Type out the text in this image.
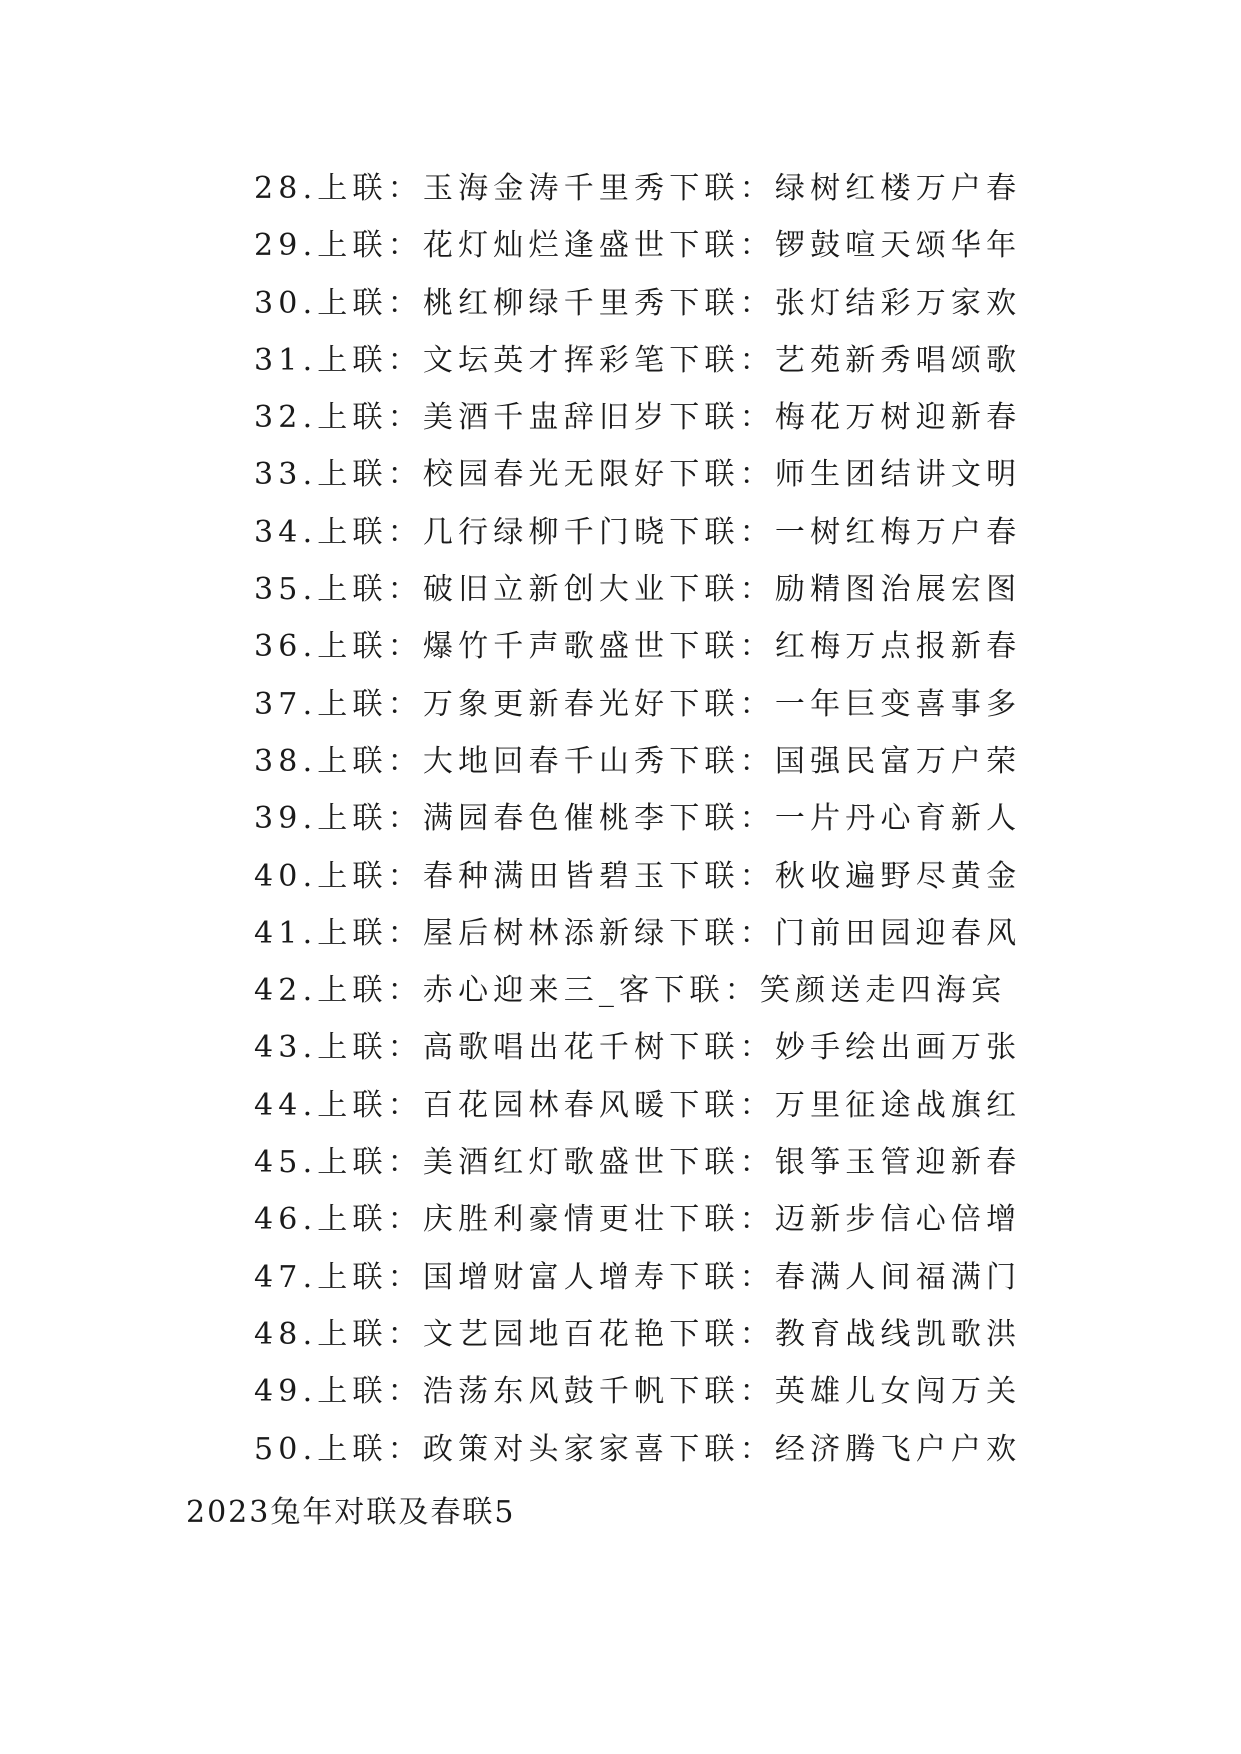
28.上联：玉海金涛千里秀下联：绿树红楼万户春
29.上联：花灯灿烂逢盛世下联：锣鼓喧天颂华年
30.上联：桃红柳绿千里秀下联：张灯结彩万家欢
31.上联：文坛英才挥彩笔下联：艺苑新秀唱颂歌
32.上联：美酒千盅辞旧岁下联：梅花万树迎新春
33.上联：校园春光无限好下联：师生团结讲文明
34.上联：几行绿柳千门晓下联：一树红梅万户春
35.上联：破旧立新创大业下联：励精图治展宏图
36.上联：爆竹千声歌盛世下联：红梅万点报新春
37.上联：万象更新春光好下联：一年巨变喜事多
38.上联：大地回春千山秀下联：国强民富万户荣
39.上联：满园春色催桃李下联：一片丹心育新人
40.上联：春种满田皆碧玉下联：秋收遍野尽黄金
41.上联：屋后树林添新绿下联：门前田园迎春风
42.上联：赤心迎来三_客下联：笑颜送走四海宾
43.上联：高歌唱出花千树下联：妙手绘出画万张
44.上联：百花园林春风暖下联：万里征途战旗红
45.上联：美酒红灯歌盛世下联：银筝玉管迎新春
46.上联：庆胜利豪情更壮下联：迈新步信心倍增
47.上联：国增财富人增寿下联：春满人间福满门
48.上联：文艺园地百花艳下联：教育战线凯歌洪
49.上联：浩荡东风鼓千帆下联：英雄儿女闯万关
50.上联：政策对头家家喜下联：经济腾飞户户欢
2023兔年对联及春联5
